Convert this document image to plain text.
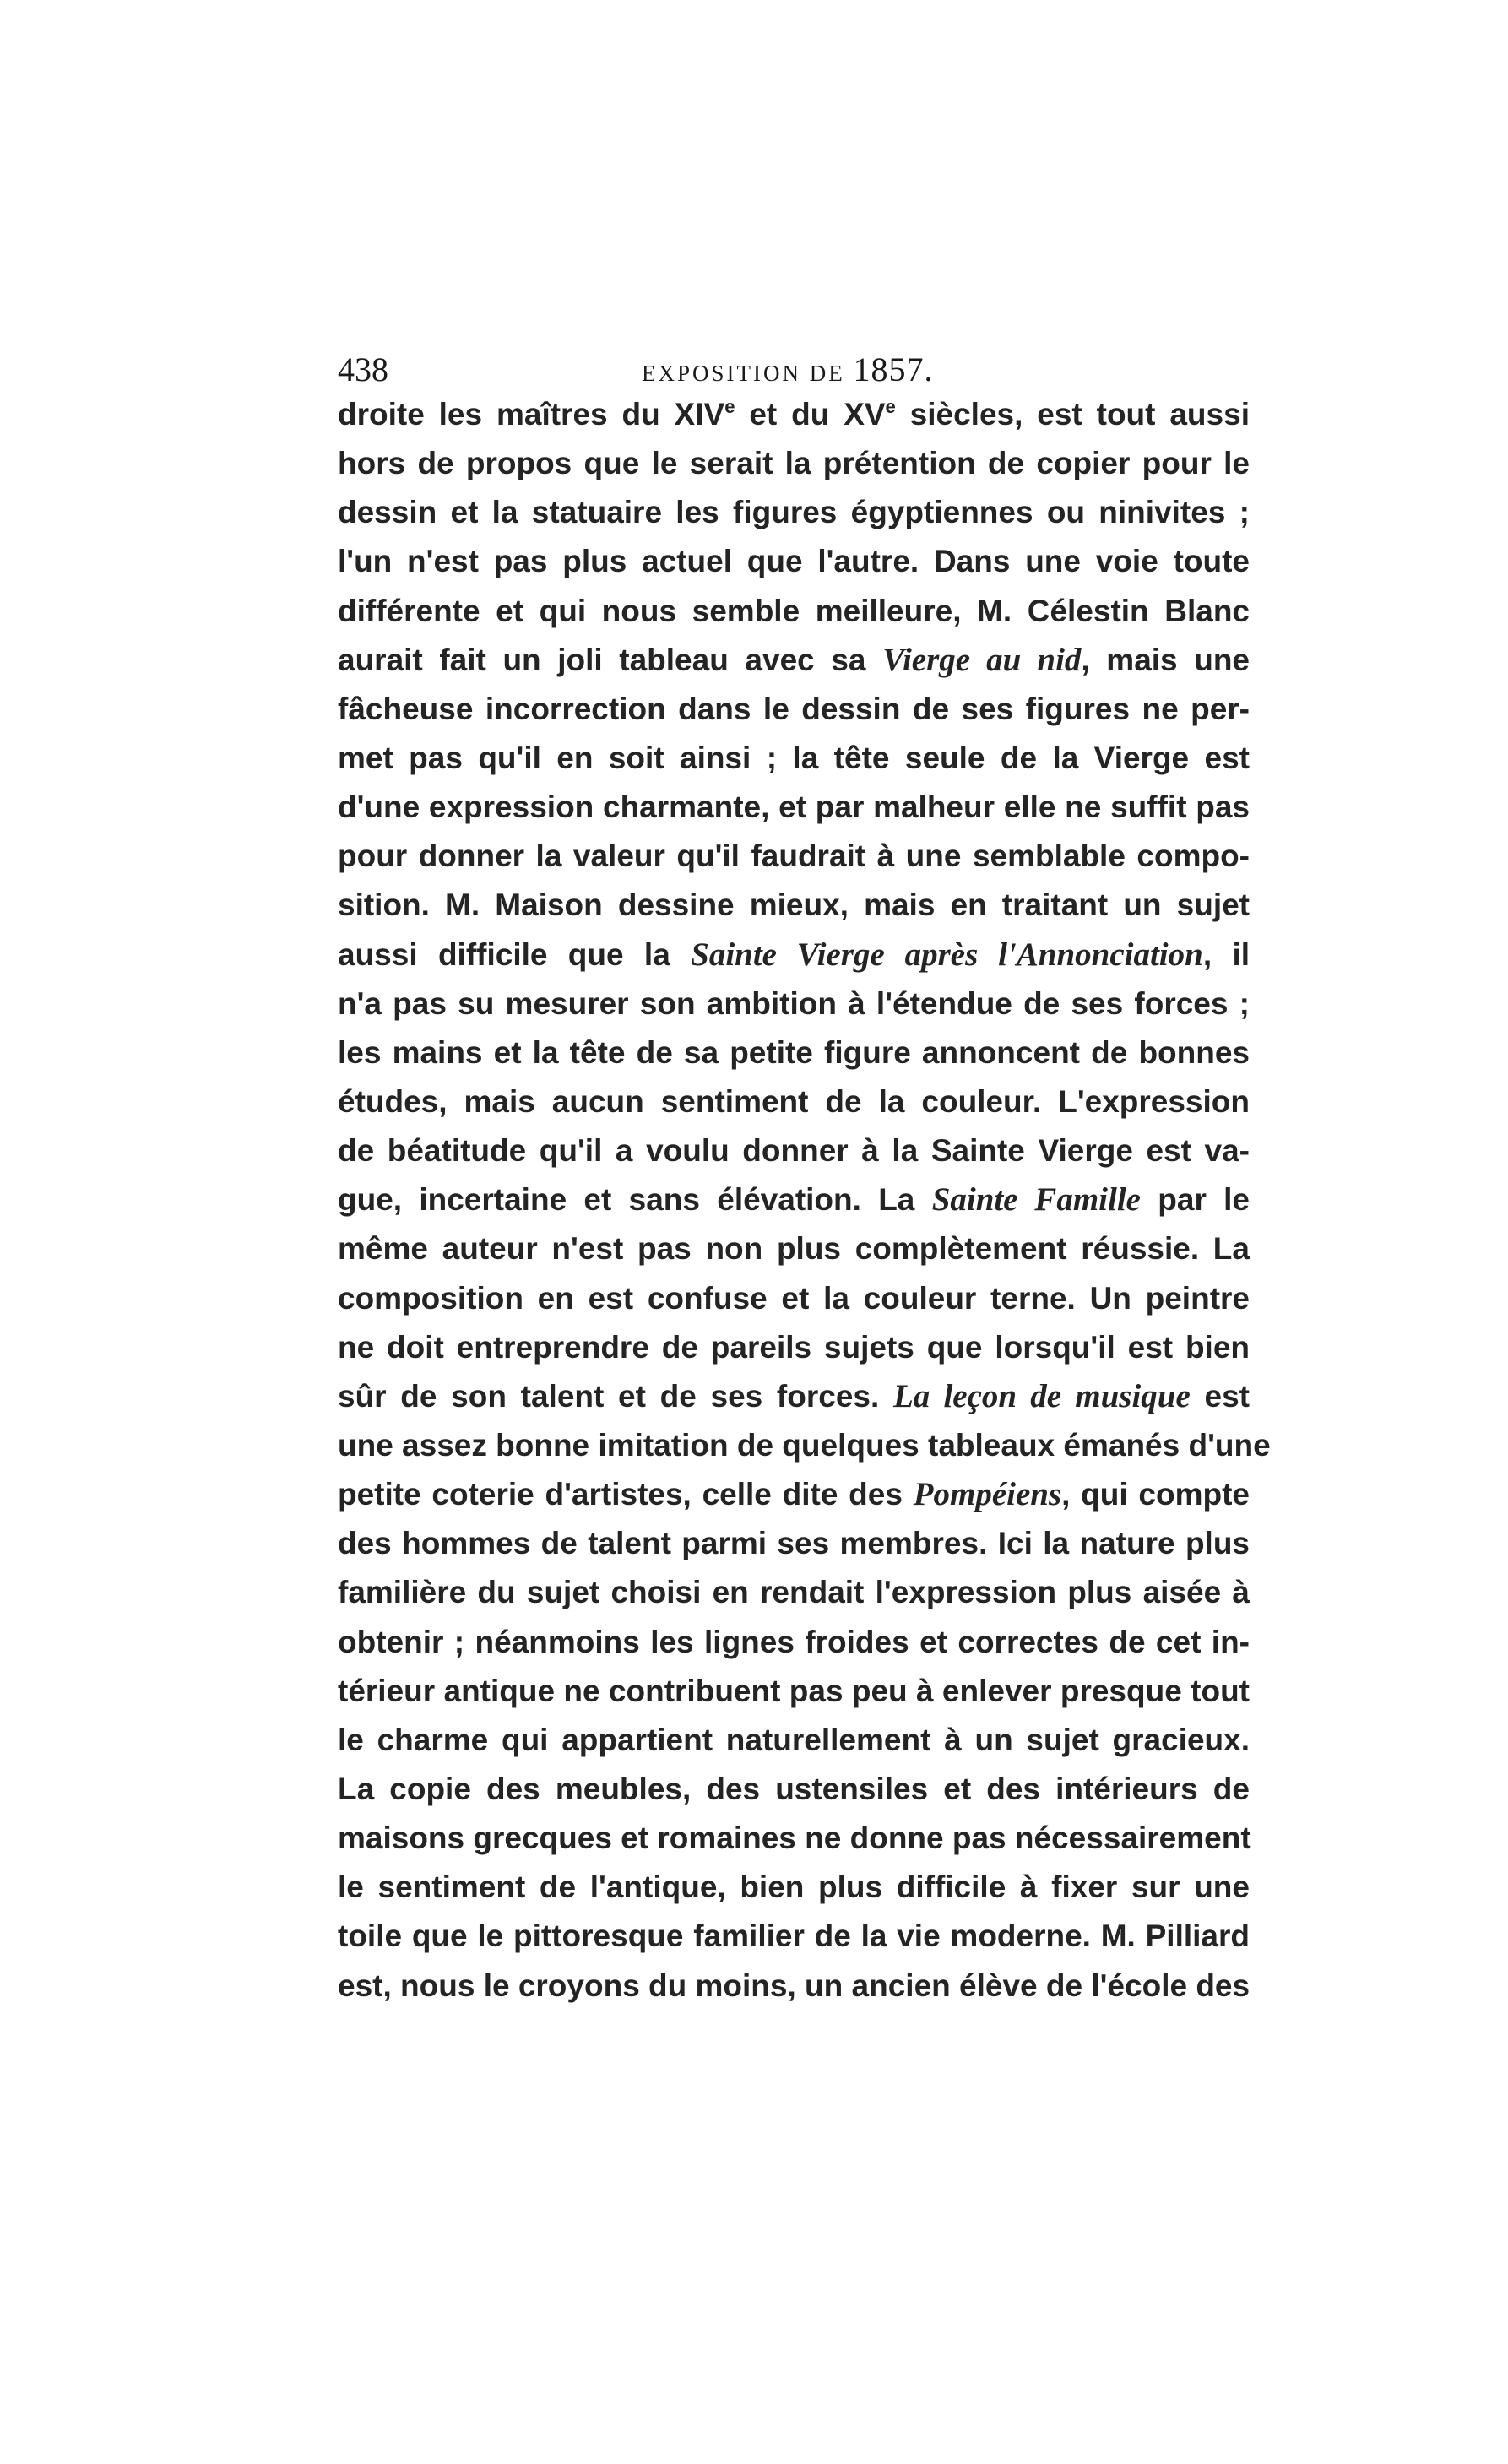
438	EXPOSITION DE 1857.
droite les maîtres du XIVe et du XVe siècles, est tout aussi
hors de propos que le serait la prétention de copier pour le
dessin et la statuaire les figures égyptiennes ou ninivites ;
l'un n'est pas plus actuel que l'autre. Dans une voie toute
différente et qui nous semble meilleure, M. Célestin Blanc
aurait fait un joli tableau avec sa Vierge au nid, mais une
fâcheuse incorrection dans le dessin de ses figures ne per-
met pas qu'il en soit ainsi ; la tête seule de la Vierge est
d'une expression charmante, et par malheur elle ne suffit pas
pour donner la valeur qu'il faudrait à une semblable compo-
sition. M. Maison dessine mieux, mais en traitant un sujet
aussi difficile que la Sainte Vierge après l'Annonciation, il
n'a pas su mesurer son ambition à l'étendue de ses forces ;
les mains et la tête de sa petite figure annoncent de bonnes
études, mais aucun sentiment de la couleur. L'expression
de béatitude qu'il a voulu donner à la Sainte Vierge est va-
gue, incertaine et sans élévation. La Sainte Famille par le
même auteur n'est pas non plus complètement réussie. La
composition en est confuse et la couleur terne. Un peintre
ne doit entreprendre de pareils sujets que lorsqu'il est bien
sûr de son talent et de ses forces. La leçon de musique est
une assez bonne imitation de quelques tableaux émanés d'une
petite coterie d'artistes, celle dite des Pompéiens, qui compte
des hommes de talent parmi ses membres. Ici la nature plus
familière du sujet choisi en rendait l'expression plus aisée à
obtenir ; néanmoins les lignes froides et correctes de cet in-
térieur antique ne contribuent pas peu à enlever presque tout
le charme qui appartient naturellement à un sujet gracieux.
La copie des meubles, des ustensiles et des intérieurs de
maisons grecques et romaines ne donne pas nécessairement
le sentiment de l'antique, bien plus difficile à fixer sur une
toile que le pittoresque familier de la vie moderne. M. Pilliard
est, nous le croyons du moins, un ancien élève de l'école des
